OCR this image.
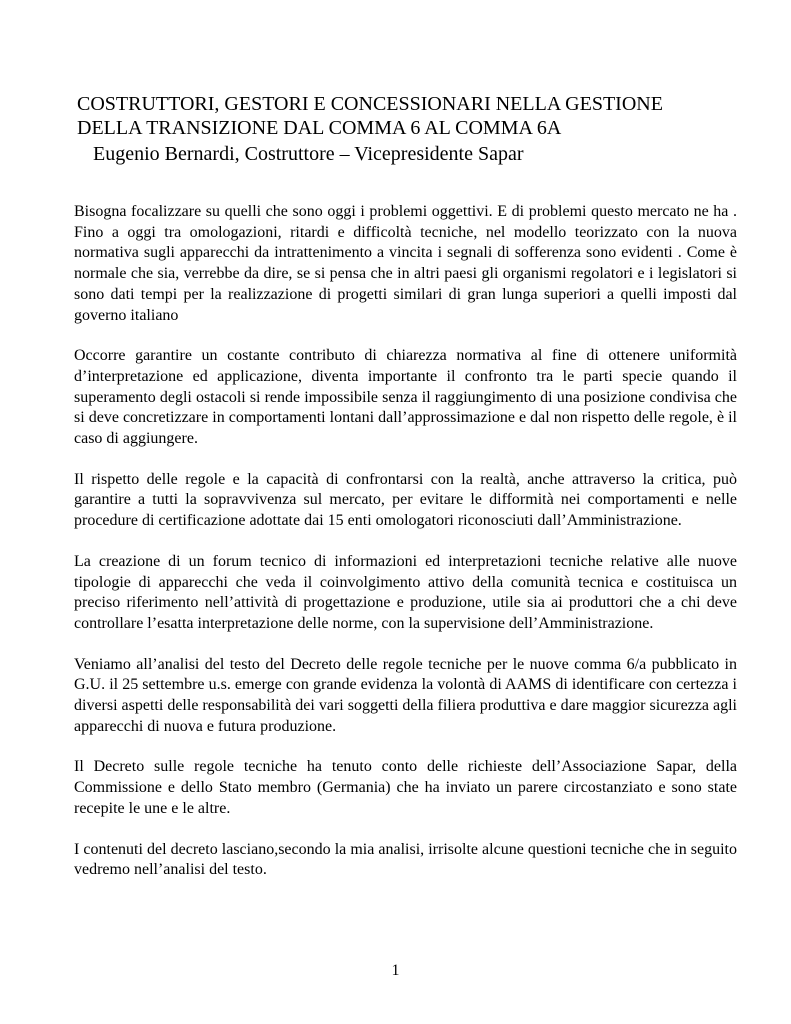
COSTRUTTORI, GESTORI E CONCESSIONARI NELLA GESTIONE
DELLA TRANSIZIONE DAL COMMA 6 AL COMMA 6A

Eugenio Bernardi, Costruttore – Vicepresidente Sapar

Bisogna focalizzare su quelli che sono oggi i problemi oggettivi. E di problemi questo mercato ne ha . Fino a oggi tra omologazioni, ritardi e difficoltà tecniche, nel modello teorizzato con la nuova normativa sugli apparecchi da intrattenimento a vincita i segnali di sofferenza sono evidenti . Come è normale che sia, verrebbe da dire, se si pensa che in altri paesi gli organismi regolatori e i legislatori si sono dati tempi per la realizzazione di progetti similari di gran lunga superiori a quelli imposti dal governo italiano

Occorre garantire un costante contributo di chiarezza normativa al fine di ottenere uniformità d’interpretazione ed applicazione, diventa importante il confronto tra le parti specie quando il superamento degli ostacoli si rende impossibile senza il raggiungimento di una posizione condivisa che si deve concretizzare in comportamenti lontani dall’approssimazione e dal non rispetto delle regole, è il caso di aggiungere.

Il rispetto delle regole e la capacità di confrontarsi con la realtà, anche attraverso la critica, può garantire a tutti la sopravvivenza sul mercato, per evitare le difformità nei comportamenti e nelle procedure di certificazione adottate dai 15 enti omologatori riconosciuti dall’Amministrazione.

La creazione di un forum tecnico di informazioni ed interpretazioni tecniche relative alle nuove tipologie di apparecchi che veda il coinvolgimento attivo della comunità tecnica e costituisca un preciso riferimento nell’attività di progettazione e produzione, utile sia ai produttori che a chi deve controllare l’esatta interpretazione delle norme, con la supervisione dell’Amministrazione.

Veniamo all’analisi del testo del Decreto delle regole tecniche per le nuove comma 6/a pubblicato in G.U. il 25 settembre u.s. emerge con grande evidenza la volontà di AAMS di identificare con certezza i diversi aspetti delle responsabilità dei vari soggetti della filiera produttiva e dare maggior sicurezza agli apparecchi di nuova e futura produzione.

Il Decreto sulle regole tecniche ha tenuto conto delle richieste dell’Associazione Sapar, della Commissione e dello Stato membro (Germania) che ha inviato un parere circostanziato e sono state recepite le une e le altre.

I contenuti del decreto lasciano,secondo la mia analisi, irrisolte alcune questioni tecniche che in seguito vedremo nell’analisi del testo.

1
